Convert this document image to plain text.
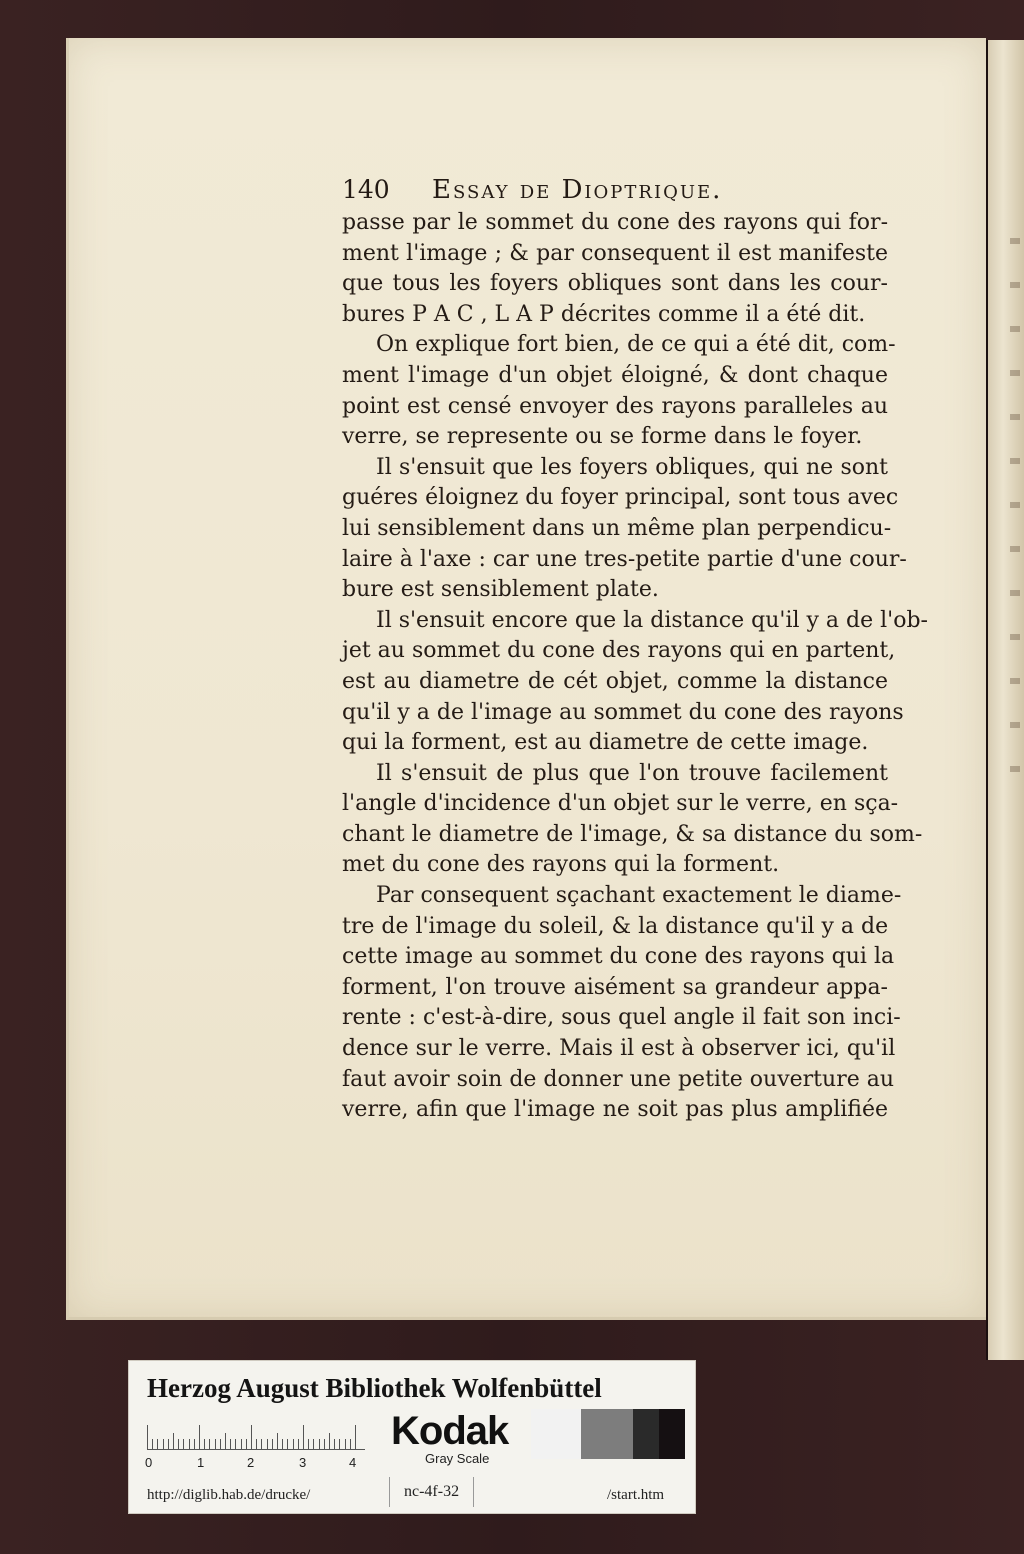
140 Essay de Dioptrique.
passe par le sommet du cone des rayons qui for-
ment l'image ; & par consequent il est manifeste
que tous les foyers obliques sont dans les cour-
bures P A C , L A P décrites comme il a été dit.
On explique fort bien, de ce qui a été dit, com-
ment l'image d'un objet éloigné, & dont chaque
point est censé envoyer des rayons paralleles au
verre, se represente ou se forme dans le foyer.
Il s'ensuit que les foyers obliques, qui ne sont
guéres éloignez du foyer principal, sont tous avec
lui sensiblement dans un même plan perpendicu-
laire à l'axe : car une tres-petite partie d'une cour-
bure est sensiblement plate.
Il s'ensuit encore que la distance qu'il y a de l'ob-
jet au sommet du cone des rayons qui en partent,
est au diametre de cét objet, comme la distance
qu'il y a de l'image au sommet du cone des rayons
qui la forment, est au diametre de cette image.
Il s'ensuit de plus que l'on trouve facilement
l'angle d'incidence d'un objet sur le verre, en sça-
chant le diametre de l'image, & sa distance du som-
met du cone des rayons qui la forment.
Par consequent sçachant exactement le diame-
tre de l'image du soleil, & la distance qu'il y a de
cette image au sommet du cone des rayons qui la
forment, l'on trouve aisément sa grandeur appa-
rente : c'est-à-dire, sous quel angle il fait son inci-
dence sur le verre. Mais il est à observer ici, qu'il
faut avoir soin de donner une petite ouverture au
verre, afin que l'image ne soit pas plus amplifiée
Herzog August Bibliothek Wolfenbüttel
0	1	2	3	4
Kodak
Gray Scale
http://diglib.hab.de/drucke/	nc-4f-32	/start.htm
